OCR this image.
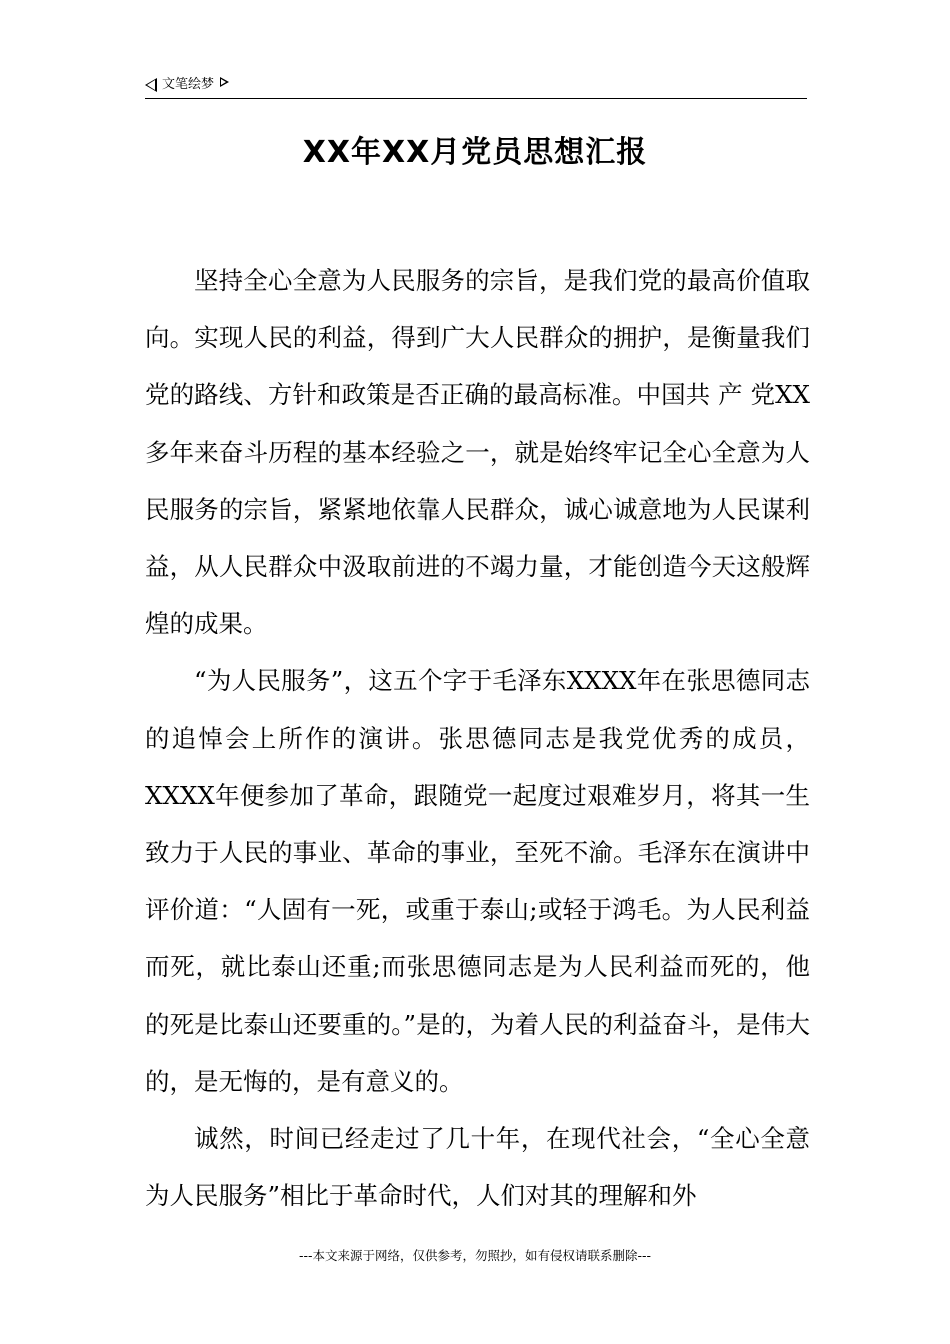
文笔绘梦
XX年XX月党员思想汇报

坚持全心全意为人民服务的宗旨，是我们党的最高价值取向。实现人民的利益，得到广大人民群众的拥护，是衡量我们党的路线、方针和政策是否正确的最高标准。中国共 产 党XX多年来奋斗历程的基本经验之一，就是始终牢记全心全意为人民服务的宗旨，紧紧地依靠人民群众，诚心诚意地为人民谋利益，从人民群众中汲取前进的不竭力量，才能创造今天这般辉煌的成果。

“为人民服务”，这五个字于毛泽东XXXX年在张思德同志的追悼会上所作的演讲。张思德同志是我党优秀的成员，XXXX年便参加了革命，跟随党一起度过艰难岁月，将其一生致力于人民的事业、革命的事业，至死不渝。毛泽东在演讲中评价道：“人固有一死，或重于泰山;或轻于鸿毛。为人民利益而死，就比泰山还重;而张思德同志是为人民利益而死的，他的死是比泰山还要重的。”是的，为着人民的利益奋斗，是伟大的，是无悔的，是有意义的。

诚然，时间已经走过了几十年，在现代社会，“全心全意为人民服务”相比于革命时代，人们对其的理解和外

---本文来源于网络，仅供参考，勿照抄，如有侵权请联系删除---
